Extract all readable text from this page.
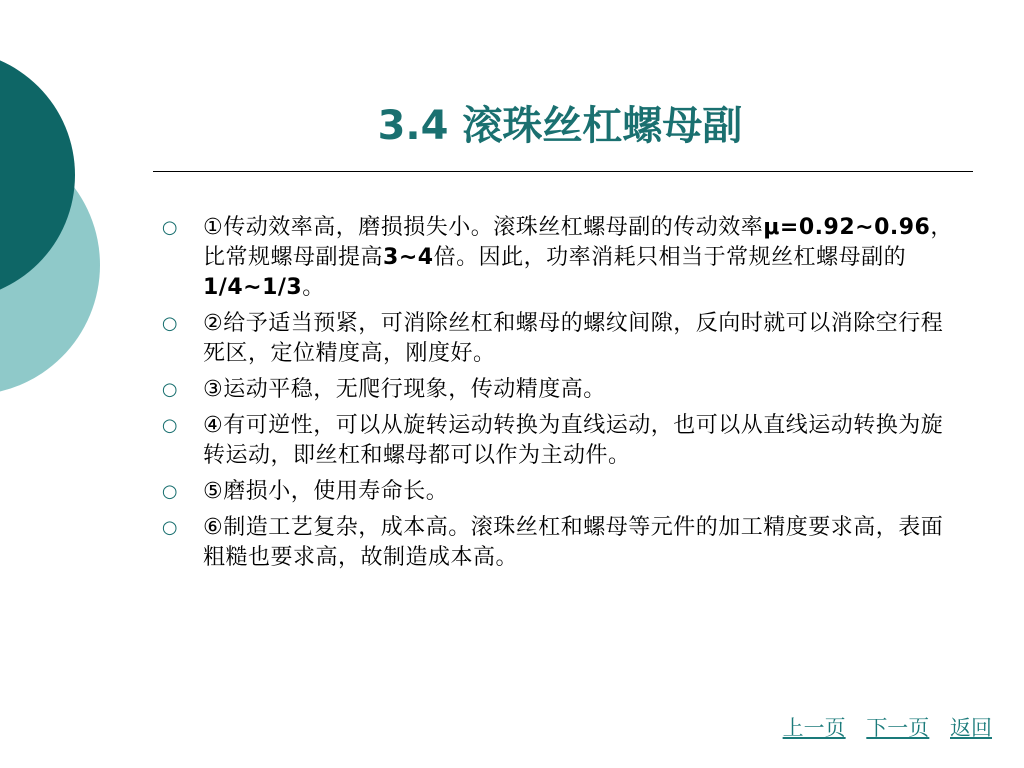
3.4 滚珠丝杠螺母副
○ ①传动效率高，磨损损失小。滚珠丝杠螺母副的传动效率μ=0.92~0.96，比常规螺母副提高3~4倍。因此，功率消耗只相当于常规丝杠螺母副的1/4~1/3。
○ ②给予适当预紧，可消除丝杠和螺母的螺纹间隙，反向时就可以消除空行程死区，定位精度高，刚度好。
○ ③运动平稳，无爬行现象，传动精度高。
○ ④有可逆性，可以从旋转运动转换为直线运动，也可以从直线运动转换为旋转运动，即丝杠和螺母都可以作为主动件。
○ ⑤磨损小，使用寿命长。
○ ⑥制造工艺复杂，成本高。滚珠丝杠和螺母等元件的加工精度要求高，表面粗糙也要求高，故制造成本高。
上一页 下一页 返回
